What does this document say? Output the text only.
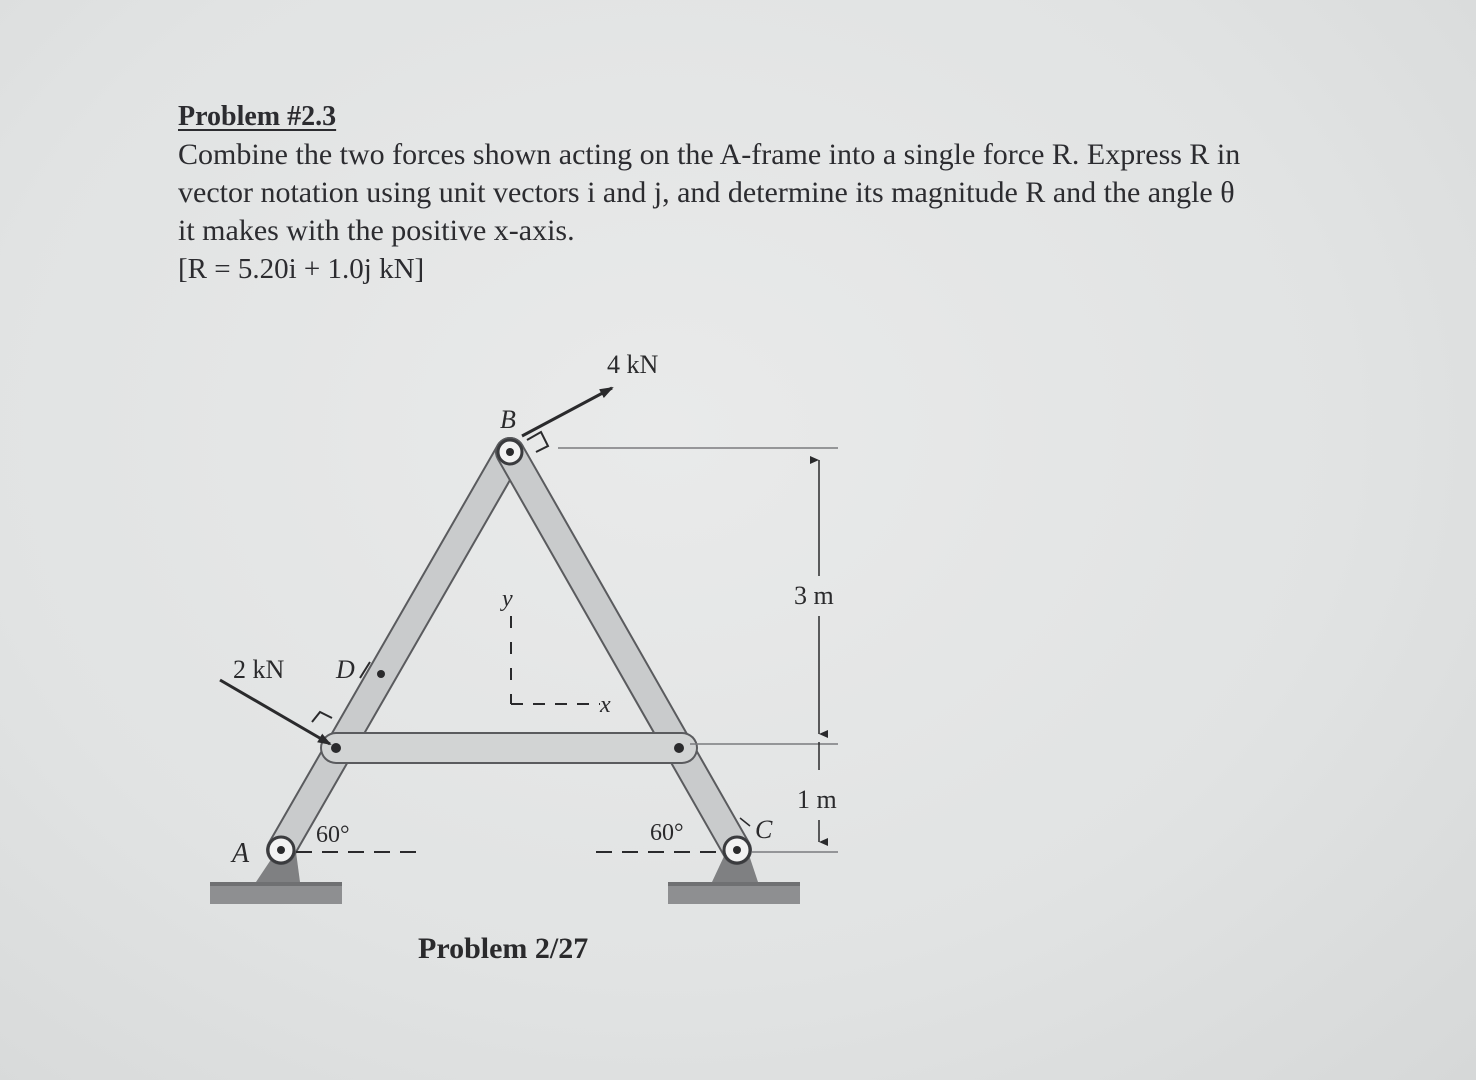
Problem #2.3
Combine the two forces shown acting on the A-frame into a single force R. Express R in
vector notation using unit vectors i and j, and determine its magnitude R and the angle θ
it makes with the positive x-axis.
[R = 5.20i + 1.0j kN]
4 kN
B
2 kN D
A
C
60°	60°
y
x
3 m
1 m
Problem 2/27
